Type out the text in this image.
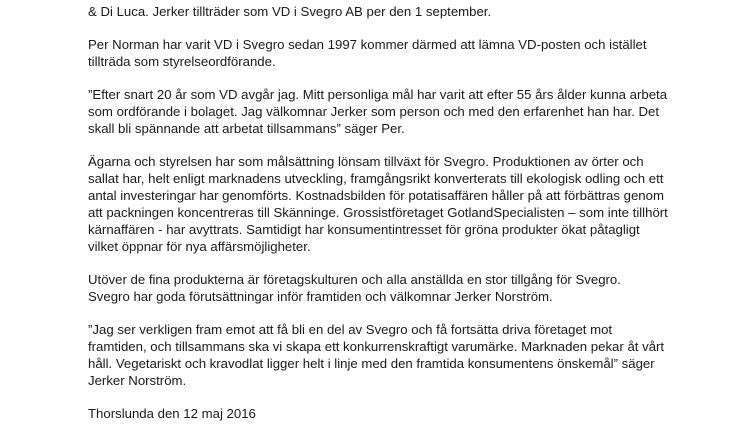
& Di Luca. Jerker tillträder som VD i Svegro AB per den 1 september.

Per Norman har varit VD i Svegro sedan 1997 kommer därmed att lämna VD-posten och istället
tillträda som styrelseordförande.

”Efter snart 20 år som VD avgår jag. Mitt personliga mål har varit att efter 55 års ålder kunna arbeta
som ordförande i bolaget. Jag välkomnar Jerker som person och med den erfarenhet han har. Det
skall bli spännande att arbetat tillsammans” säger Per.

Ägarna och styrelsen har som målsättning lönsam tillväxt för Svegro. Produktionen av örter och
sallat har, helt enligt marknadens utveckling, framgångsrikt konverterats till ekologisk odling och ett
antal investeringar har genomförts. Kostnadsbilden för potatisaffären håller på att förbättras genom
att packningen koncentreras till Skänninge. Grossistföretaget GotlandSpecialisten – som inte tillhört
kärnaffären - har avyttrats. Samtidigt har konsumentintresset för gröna produkter ökat påtagligt
vilket öppnar för nya affärsmöjligheter.

Utöver de fina produkterna är företagskulturen och alla anställda en stor tillgång för Svegro.
Svegro har goda förutsättningar inför framtiden och välkomnar Jerker Norström.

”Jag ser verkligen fram emot att få bli en del av Svegro och få fortsätta driva företaget mot
framtiden, och tillsammans ska vi skapa ett konkurrenskraftigt varumärke. Marknaden pekar åt vårt
håll. Vegetariskt och kravodlat ligger helt i linje med den framtida konsumentens önskemål” säger
Jerker Norström.

Thorslunda den 12 maj 2016
